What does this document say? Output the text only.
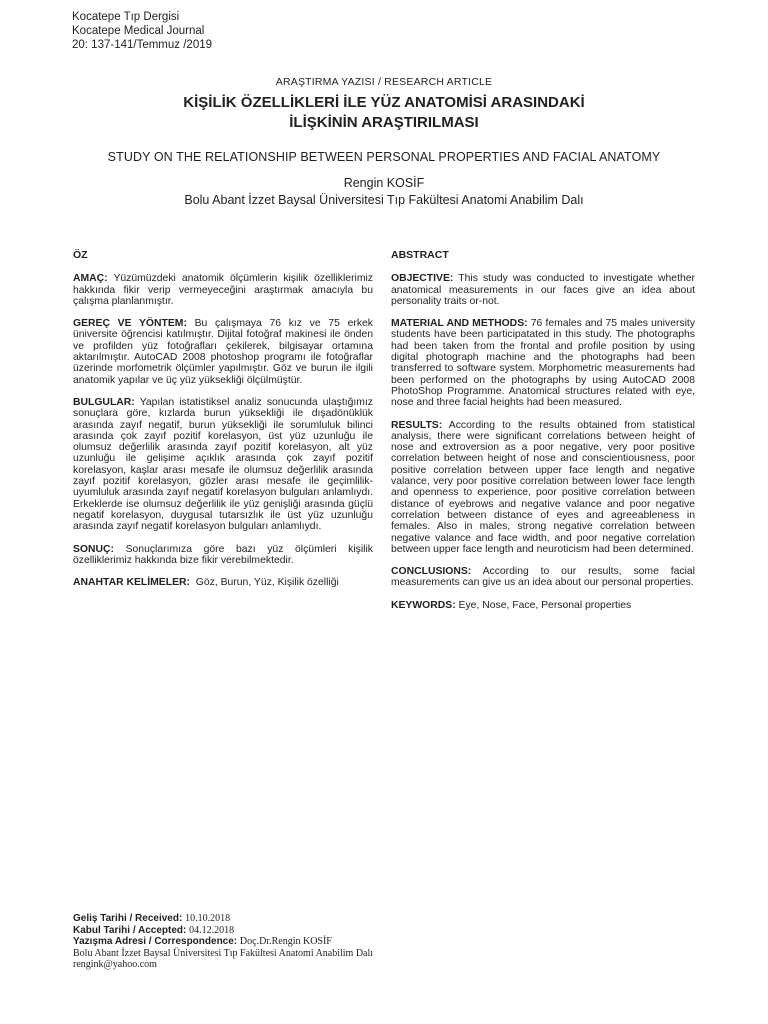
Kocatepe Tıp Dergisi
Kocatepe Medical Journal
20: 137-141/Temmuz /2019
ARAŞTIRMA YAZISI / RESEARCH ARTICLE
KİŞİLİK ÖZELLİKLERİ İLE YÜZ ANATOMİSİ ARASINDAKİ
İLİŞKİNİN ARAŞTIRILMASI
STUDY ON THE RELATIONSHIP BETWEEN PERSONAL PROPERTIES AND FACIAL ANATOMY
Rengin KOSİF
Bolu Abant İzzet Baysal Üniversitesi Tıp Fakültesi Anatomi Anabilim Dalı
ÖZ

AMAÇ: Yüzümüzdeki anatomik ölçümlerin kişilik özelliklerimiz hakkında fikir verip vermeyeceğini araştırmak amacıyla bu çalışma planlanmıştır.

GEREÇ VE YÖNTEM: Bu çalışmaya 76 kız ve 75 erkek üniversite öğrencisi katılmıştır. Dijital fotoğraf makinesi ile önden ve profilden yüz fotoğrafları çekilerek, bilgisayar ortamına aktarılmıştır. AutoCAD 2008 photoshop programı ile fotoğraflar üzerinde morfometrik ölçümler yapılmıştır. Göz ve burun ile ilgili anatomik yapılar ve üç yüz yüksekliği ölçülmüştür.

BULGULAR: Yapılan istatistiksel analiz sonucunda ulaştığımız sonuçlara göre, kızlarda burun yüksekliği ile dışadönüklük arasında zayıf negatif, burun yüksekliği ile sorumluluk bilinci arasında çok zayıf pozitif korelasyon, üst yüz uzunluğu ile olumsuz değerlilik arasında zayıf pozitif korelasyon, alt yüz uzunluğu ile gelişime açıklık arasında çok zayıf pozitif korelasyon, kaşlar arası mesafe ile olumsuz değerlilik arasında zayıf pozitif korelasyon, gözler arası mesafe ile geçimlilik-uyumluluk arasında zayıf negatif korelasyon bulguları anlamlıydı. Erkeklerde ise olumsuz değerlilik ile yüz genişliği arasında güçlü negatif korelasyon, duygusal tutarsızlık ile üst yüz uzunluğu arasında zayıf negatif korelasyon bulguları anlamlıydı.

SONUÇ: Sonuçlarımıza göre bazı yüz ölçümleri kişilik özelliklerimiz hakkında bize fikir verebilmektedir.

ANAHTAR KELİMELER: Göz, Burun, Yüz, Kişilik özelliği

ABSTRACT

OBJECTIVE: This study was conducted to investigate whether anatomical measurements in our faces give an idea about personality traits or-not.

MATERIAL AND METHODS: 76 females and 75 males university students have been participatated in this study. The photographs had been taken from the frontal and profile position by using digital photograph machine and the photographs had been transferred to software system. Morphometric measurements had been performed on the photographs by using AutoCAD 2008 PhotoShop Programme. Anatomical structures related with eye, nose and three facial heights had been measured.

RESULTS: According to the results obtained from statistical analysis, there were significant correlations between height of nose and extroversion as a poor negative, very poor positive correlation between height of nose and conscientiousness, poor positive correlation between upper face length and negative valance, very poor positive correlation between lower face length and openness to experience, poor positive correlation between distance of eyebrows and negative valance and poor negative correlation between distance of eyes and agreeableness in females. Also in males, strong negative correlation between negative valance and face width, and poor negative correlation between upper face length and neuroticism had been determined.

CONCLUSIONS: According to our results, some facial measurements can give us an idea about our personal properties.

KEYWORDS: Eye, Nose, Face, Personal properties

Geliş Tarihi / Received: 10.10.2018
Kabul Tarihi / Accepted: 04.12.2018
Yazışma Adresi / Correspondence: Doç.Dr.Rengin KOSİF
Bolu Abant İzzet Baysal Üniversitesi Tıp Fakültesi Anatomi Anabilim Dalı
rengink@yahoo.com
